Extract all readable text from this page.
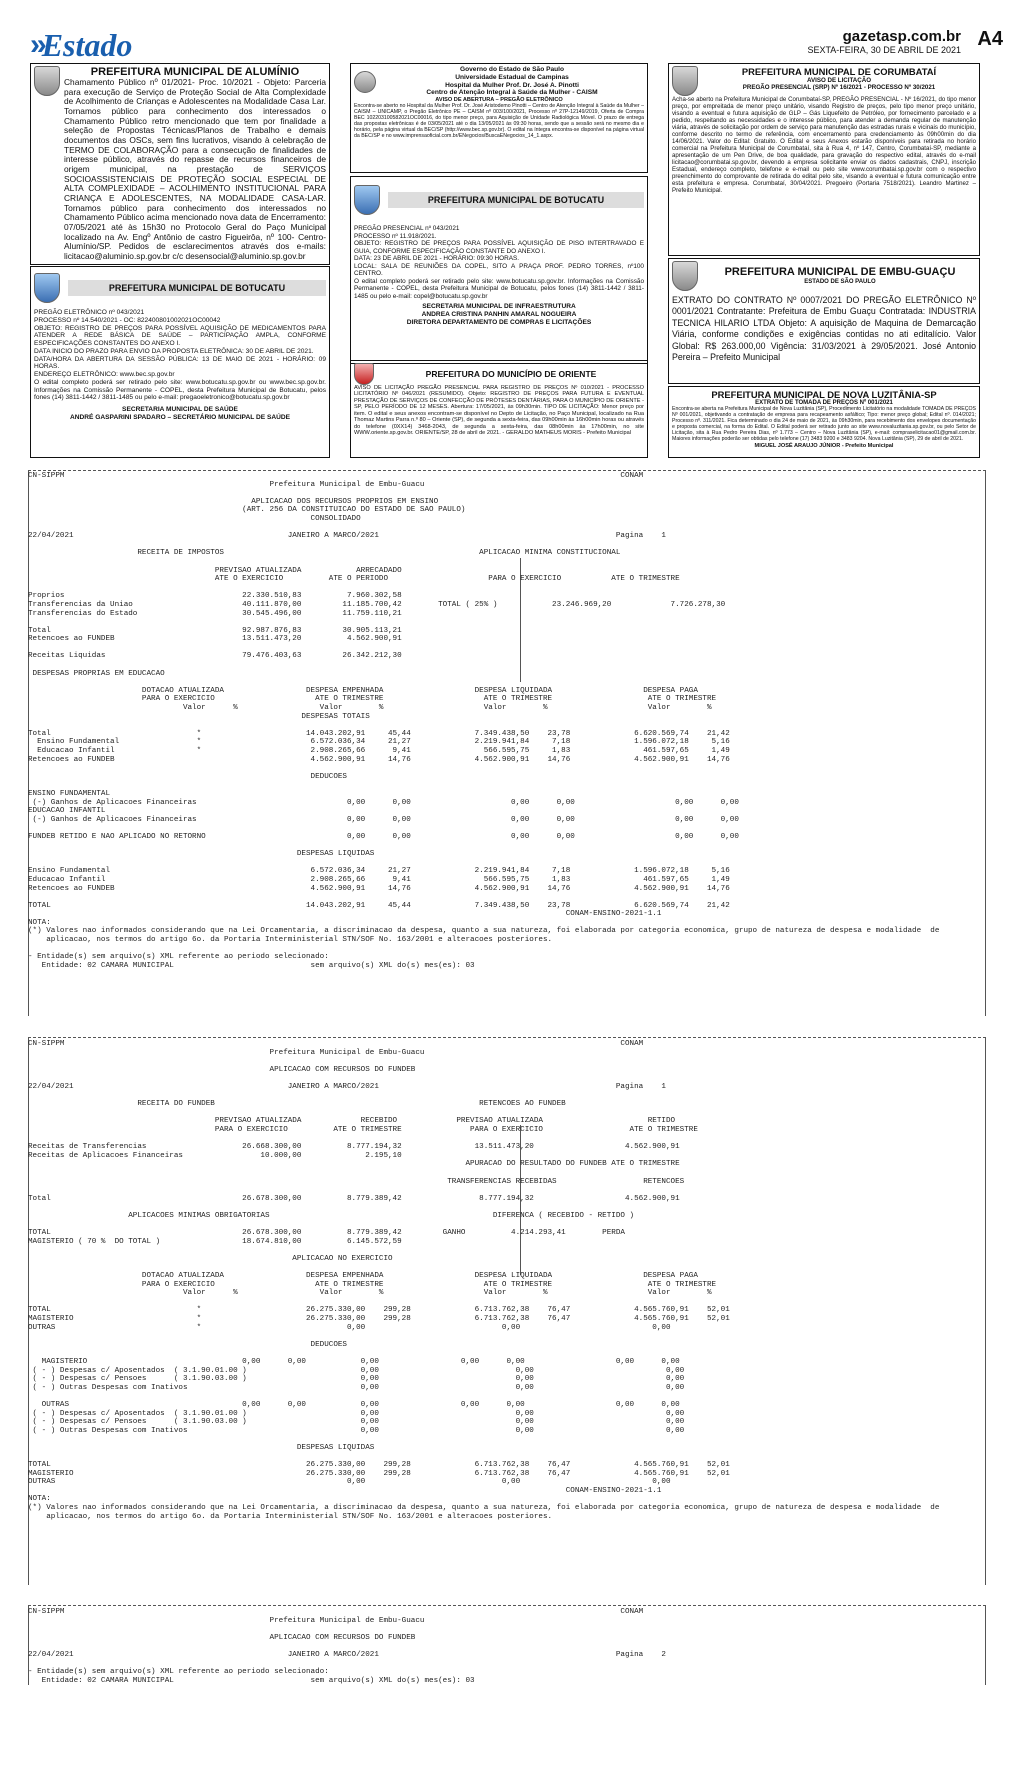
» Estado	gazetasp.com.br
SEXTA-FEIRA, 30 DE ABRIL DE 2021 A4
PREFEITURA MUNICIPAL DE ALUMÍNIO
Chamamento Público nº 01/2021- Proc. 10/2021 - Objeto: Parceria para execução de Serviço de Proteção Social de Alta Complexidade de Acolhimento de Crianças e Adolescentes na Modalidade Casa Lar. Tornamos público para conhecimento dos interessados o Chamamento Público retro mencionado que tem por finalidade a seleção de Propostas Técnicas/Planos de Trabalho e demais documentos das OSCs, sem fins lucrativos, visando à celebração de TERMO DE COLABORAÇÃO para a consecução de finalidades de interesse público, através do repasse de recursos financeiros de origem municipal, na prestação de SERVIÇOS SOCIOASSISTENCIAIS DE PROTEÇÃO SOCIAL ESPECIAL DE ALTA COMPLEXIDADE – ACOLHIMENTO INSTITUCIONAL PARA CRIANÇA E ADOLESCENTES, NA MODALIDADE CASA-LAR. Tornamos público para conhecimento dos interessados no Chamamento Público acima mencionado nova data de Encerramento: 07/05/2021 até às 15h30 no Protocolo Geral do Paço Municipal localizado na Av. Engº Antônio de castro Figueirôa, nº 100- Centro- Alumínio/SP. Pedidos de esclarecimentos através dos e-mails: licitacao@aluminio.sp.gov.br c/c desensocial@aluminio.sp.gov.br
PREFEITURA MUNICIPAL DE BOTUCATU
PREGÃO ELETRÔNICO nº 043/2021
PROCESSO nº 14.540/2021 - OC: 822400801002021OC00042
OBJETO: REGISTRO DE PREÇOS PARA POSSÍVEL AQUISIÇÃO DE MEDICAMENTOS PARA ATENDER A REDE BÁSICA DE SAÚDE – PARTICIPAÇÃO AMPLA, CONFORME ESPECIFICAÇÕES CONSTANTES DO ANEXO I.
DATA INICIO DO PRAZO PARA ENVIO DA PROPOSTA ELETRÔNICA: 30 DE ABRIL DE 2021.
DATA/HORA DA ABERTURA DA SESSÃO PÚBLICA: 13 DE MAIO DE 2021 - HORÁRIO: 09 HORAS.
ENDEREÇO ELETRÔNICO: www.bec.sp.gov.br
O edital completo poderá ser retirado pelo site: www.botucatu.sp.gov.br ou www.bec.sp.gov.br. Informações na Comissão Permanente - COPEL, desta Prefeitura Municipal de Botucatu, pelos fones (14) 3811-1442 / 3811-1485 ou pelo e-mail: pregaoeletronico@botucatu.sp.gov.br
SECRETARIA MUNICIPAL DE SAÚDE
ANDRÉ GASPARINI SPADARO – SECRETÁRIO MUNICIPAL DE SAÚDE
Governo do Estado de São Paulo
Universidade Estadual de Campinas
Hospital da Mulher Prof. Dr. José A. Pinotti
Centro de Atenção Integral à Saúde da Mulher - CAISM
AVISO DE ABERTURA – PREGÃO ELETRÔNICO
Encontra-se aberto no Hospital da Mulher Prof. Dr. José Aristodemo Pinotti – Centro de Atenção Integral à Saúde da Mulher – CAISM – UNICAMP, o Pregão Eletrônico PE – CAISM nº 003/100/2021, Processo nº 27P-12149/2019, Oferta de Compra BEC 102203100582021OC00016, do tipo menor preço, para Aquisição de Unidade Radiológica Móvel. O prazo de entrega das propostas eletrônicas é de 03/05/2021 até o dia 13/05/2021 às 09:30 horas, sendo que a sessão será no mesmo dia e horário, pela página virtual da BEC/SP (http://www.bec.sp.gov.br). O edital na íntegra encontra-se disponível na página virtual da BEC/SP e no www.imprensaoficial.com.br/ENegocios/BuscaENegocios_14_1.aspx.
PREFEITURA MUNICIPAL DE BOTUCATU
PREGÃO PRESENCIAL nº 043/2021
PROCESSO nº 11.918/2021.
OBJETO: REGISTRO DE PREÇOS PARA POSSÍVEL AQUISIÇÃO DE PISO INTERTRAVADO E GUIA, CONFORME ESPECIFICAÇÃO CONSTANTE DO ANEXO I.
DATA: 23 DE ABRIL DE 2021 - HORÁRIO: 09:30 HORAS.
LOCAL: SALA DE REUNIÕES DA COPEL, SITO A PRAÇA PROF. PEDRO TORRES, nº100 CENTRO.
O edital completo poderá ser retirado pelo site: www.botucatu.sp.gov.br. Informações na Comissão Permanente - COPEL, desta Prefeitura Municipal de Botucatu, pelos fones (14) 3811-1442 / 3811-1485 ou pelo e-mail: copel@botucatu.sp.gov.br
SECRETARIA MUNICIPAL DE INFRAESTRUTURA
ANDREA CRISTINA PANHIN AMARAL NOGUEIRA
DIRETORA DEPARTAMENTO DE COMPRAS E LICITAÇÕES
PREFEITURA DO MUNICÍPIO DE ORIENTE
AVISO DE LICITAÇÃO PREGÃO PRESENCIAL PARA REGISTRO DE PREÇOS Nº 010/2021 - PROCESSO LICITATÓRIO Nº 046/2021 (RESUMIDO). Objeto: REGISTRO DE PREÇOS PARA FUTURA E EVENTUAL PRESTAÇÃO DE SERVIÇOS DE CONFECÇÃO DE PRÓTESES DENTÁRIAS, PARA O MUNICÍPIO DE ORIENTE - SP, PELO PERÍODO DE 12 MESES. Abertura: 17/05/2021, às 09h30min. TIPO DE LICITAÇÃO: Menor preço por item. O edital e seus anexos encontram-se disponível no Depto de Licitação, no Paço Municipal, localizado na Rua Thomaz Martins Parra n.º 80 – Oriente (SP), de segunda a sexta-feira, das 09h00min às 16h00min horas ou através do telefone (0XX14) 3468-2043, de segunda a sexta-feira, das 08h00min às 17h00min, no site WWW.oriente.sp.gov.br. ORIENTE/SP, 28 de abril de 2021. - GERALDO MATHEUS MORIS - Prefeito Municipal
PREFEITURA MUNICIPAL DE CORUMBATAÍ
AVISO DE LICITAÇÃO
PREGÃO PRESENCIAL (SRP) Nº 16/2021 - PROCESSO Nº 30/2021
Acha-se aberto na Prefeitura Municipal de Corumbataí-SP, PREGÃO PRESENCIAL - Nº 16/2021, do tipo menor preço, por empreitada de menor preço unitário, visando Registro de preços, pelo tipo menor preço unitário, visando a eventual e futura aquisição de GLP – Gás Liquefeito de Petróleo, por fornecimento parcelado e a pedido, respeitando as necessidades e o interesse público, para atender a demanda regular de manutenção viária, através de solicitação por ordem de serviço para manutenção das estradas rurais e vicinais do município, conforme descrito no termo de referência, com encerramento para credenciamento às 09h00min do dia 14/06/2021. Valor do Edital: Gratuito. O Edital e seus Anexos estarão disponíveis para retirada no horário comercial na Prefeitura Municipal de Corumbataí, sita à Rua 4, nº 147, Centro, Corumbataí-SP, mediante a apresentação de um Pen Drive, de boa qualidade, para gravação do respectivo edital, através do e-mail licitacao@corumbatai.sp.gov.br, devendo a empresa solicitante enviar os dados cadastrais, CNPJ, inscrição Estadual, endereço completo, telefone e e-mail ou pelo site www.corumbatai.sp.gov.br com o respectivo preenchimento do comprovante de retirada do edital pelo site, visando a eventual e futura comunicação entre esta prefeitura e empresa. Corumbataí, 30/04/2021. Pregoeiro (Portaria 7518/2021). Leandro Martinez – Prefeito Municipal.
PREFEITURA MUNICIPAL DE EMBU-GUAÇU
ESTADO DE SÃO PAULO
EXTRATO DO CONTRATO Nº 0007/2021 DO PREGÃO ELETRÔNICO Nº 0001/2021 Contratante: Prefeitura de Embu Guaçu Contratada: INDUSTRIA TECNICA HILARIO LTDA Objeto: A aquisição de Maquina de Demarcação Viária, conforme condições e exigências contidas no ati editalício. Valor Global: R$ 263.000,00 Vigência: 31/03/2021 à 29/05/2021. José Antonio Pereira – Prefeito Municipal
PREFEITURA MUNICIPAL DE NOVA LUZITÂNIA-SP
EXTRATO DE TOMADA DE PREÇOS Nº 001/2021
Encontra-se aberta na Prefeitura Municipal de Nova Luzitânia (SP), Procedimento Licitatório na modalidade TOMADA DE PREÇOS Nº 001/2021, objetivando a contratação de empresa para recapeamento asfáltico; Tipo: menor preço global; Edital nº. 014/2021; Processo nº. 311/2021. Fica determinado o dia 24 de maio de 2021, às 09h30min, para recebimento dos envelopes documentação e proposta comercial, na forma do Edital. O Edital poderá ser retirado junto ao site www.novaluzitania.sp.gov.br, ou pelo Setor de Licitação, sita à Rua Pedro Pereira Dias, nº 1.773 – Centro – Nova Luzitânia (SP), e-mail: compraselicitacao01@gmail.com.br. Maiores informações poderão ser obtidas pelo telefone (17) 3483 9200 e 3483 9204. Nova Luzitânia (SP), 29 de abril de 2021.
MIGUEL JOSÉ ARAUJO JÚNIOR - Prefeito Municipal
CN-SIPPM                                                                                                                          CONAM
Prefeitura Municipal de Embu-Guacu

APLICACAO DOS RECURSOS PROPRIOS EM ENSINO
(ART. 256 DA CONSTITUICAO DO ESTADO DE SAO PAULO)
CONSOLIDADO

22/04/2021                                               JANEIRO A MARCO/2021                                                    Pagina    1

RECEITA DE IMPOSTOS                                                        APLICACAO MINIMA CONSTITUCIONAL

PREVISAO ATUALIZADA            ARRECADADO
ATE O EXERCICIO          ATE O PERIODO                      PARA O EXERCICIO           ATE O TRIMESTRE

Proprios                                       22.330.510,83          7.960.302,58
Transferencias da Uniao                        40.111.870,00         11.185.700,42        TOTAL ( 25% )            23.246.969,20             7.726.278,30
Transferencias do Estado                       30.545.496,00         11.759.110,21

Total                                          92.987.876,83         30.905.113,21
Retencoes ao FUNDEB                            13.511.473,20          4.562.900,91

Receitas Liquidas                              79.476.403,63         26.342.212,30

DESPESAS PROPRIAS EM EDUCACAO

DOTACAO ATUALIZADA                  DESPESA EMPENHADA                    DESPESA LIQUIDADA                    DESPESA PAGA
PARA O EXERCICIO                      ATE O TRIMESTRE                      ATE O TRIMESTRE                     ATE O TRIMESTRE
Valor      %                  Valor        %                      Valor        %                      Valor        %
DESPESAS TOTAIS

Total                                *                       14.043.202,91     45,44              7.349.438,50    23,78              6.620.569,74    21,42
Ensino Fundamental                 *                        6.572.036,34     21,27              2.219.941,84     7,18              1.596.072,18     5,16
Educacao Infantil                  *                        2.908.265,66      9,41                566.595,75     1,83                461.597,65     1,49
Retencoes ao FUNDEB                                           4.562.900,91     14,76              4.562.900,91    14,76              4.562.900,91    14,76

DEDUCOES

ENSINO FUNDAMENTAL
(-) Ganhos de Aplicacoes Financeiras                                 0,00      0,00                      0,00      0,00                      0,00      0,00
EDUCACAO INFANTIL
(-) Ganhos de Aplicacoes Financeiras                                 0,00      0,00                      0,00      0,00                      0,00      0,00

FUNDEB RETIDO E NAO APLICADO NO RETORNO                               0,00      0,00                      0,00      0,00                      0,00      0,00

DESPESAS LIQUIDAS

Ensino Fundamental                                            6.572.036,34     21,27              2.219.941,84     7,18              1.596.072,18     5,16
Educacao Infantil                                             2.908.265,66      9,41                566.595,75     1,83                461.597,65     1,49
Retencoes ao FUNDEB                                           4.562.900,91     14,76              4.562.900,91    14,76              4.562.900,91    14,76

TOTAL                                                        14.043.202,91     45,44              7.349.438,50    23,78              6.620.569,74    21,42
CONAM-ENSINO-2021-1.1
NOTA:
(*) Valores nao informados considerando que na Lei Orcamentaria, a discriminacao da despesa, quanto a sua natureza, foi elaborada por categoria economica, grupo de natureza de despesa e modalidade  de
aplicacao, nos termos do artigo 6o. da Portaria Interministerial STN/SOF No. 163/2001 e alteracoes posteriores.

- Entidade(s) sem arquivo(s) XML referente ao periodo selecionado:
Entidade: 02 CAMARA MUNICIPAL                              sem arquivo(s) XML do(s) mes(es): 03
CN-SIPPM                                                                                                                          CONAM
Prefeitura Municipal de Embu-Guacu

APLICACAO COM RECURSOS DO FUNDEB

22/04/2021                                               JANEIRO A MARCO/2021                                                    Pagina    1

RECEITA DO FUNDEB                                                          RETENCOES AO FUNDEB

PREVISAO ATUALIZADA             RECEBIDO             PREVISAO ATUALIZADA                       RETIDO
PARA O EXERCICIO          ATE O TRIMESTRE               PARA O EXERCICIO                   ATE O TRIMESTRE

Receitas de Transferencias                     26.668.300,00          8.777.194,32                13.511.473,20                    4.562.900,91
Receitas de Aplicacoes Financeiras                 10.000,00              2.195,10
APURACAO DO RESULTADO DO FUNDEB ATE O TRIMESTRE

TRANSFERENCIAS RECEBIDAS                   RETENCOES

Total                                          26.678.300,00          8.779.389,42                 8.777.194,32                    4.562.900,91

APLICACOES MINIMAS OBRIGATORIAS                                                 DIFERENCA ( RECEBIDO - RETIDO )

TOTAL                                          26.678.300,00          8.779.389,42         GANHO          4.214.293,41        PERDA
MAGISTERIO ( 70 %  DO TOTAL )                  18.674.810,00          6.145.572,59

APLICACAO NO EXERCICIO

DOTACAO ATUALIZADA                  DESPESA EMPENHADA                    DESPESA LIQUIDADA                    DESPESA PAGA
PARA O EXERCICIO                      ATE O TRIMESTRE                      ATE O TRIMESTRE                     ATE O TRIMESTRE
Valor      %                  Valor        %                      Valor        %                      Valor        %

TOTAL                                *                       26.275.330,00    299,28              6.713.762,38    76,47              4.565.760,91    52,01
MAGISTERIO                           *                       26.275.330,00    299,28              6.713.762,38    76,47              4.565.760,91    52,01
OUTRAS                               *                                0,00                              0,00                             0,00

DEDUCOES

MAGISTERIO                                  0,00      0,00            0,00                  0,00      0,00                    0,00      0,00
( - ) Despesas c/ Aposentados  ( 3.1.90.01.00 )                         0,00                              0,00                             0,00
( - ) Despesas c/ Pensoes      ( 3.1.90.03.00 )                         0,00                              0,00                             0,00
( - ) Outras Despesas com Inativos                                      0,00                              0,00                             0,00

OUTRAS                                      0,00      0,00            0,00                  0,00      0,00                    0,00      0,00
( - ) Despesas c/ Aposentados  ( 3.1.90.01.00 )                         0,00                              0,00                             0,00
( - ) Despesas c/ Pensoes      ( 3.1.90.03.00 )                         0,00                              0,00                             0,00
( - ) Outras Despesas com Inativos                                      0,00                              0,00                             0,00

DESPESAS LIQUIDAS

TOTAL                                                        26.275.330,00    299,28              6.713.762,38    76,47              4.565.760,91    52,01
MAGISTERIO                                                   26.275.330,00    299,28              6.713.762,38    76,47              4.565.760,91    52,01
OUTRAS                                                                0,00                              0,00                             0,00
CONAM-ENSINO-2021-1.1
NOTA:
(*) Valores nao informados considerando que na Lei Orcamentaria, a discriminacao da despesa, quanto a sua natureza, foi elaborada por categoria economica, grupo de natureza de despesa e modalidade  de
aplicacao, nos termos do artigo 6o. da Portaria Interministerial STN/SOF No. 163/2001 e alteracoes posteriores.
CN-SIPPM                                                                                                                          CONAM
Prefeitura Municipal de Embu-Guacu

APLICACAO COM RECURSOS DO FUNDEB

22/04/2021                                               JANEIRO A MARCO/2021                                                    Pagina    2

- Entidade(s) sem arquivo(s) XML referente ao periodo selecionado:
Entidade: 02 CAMARA MUNICIPAL                              sem arquivo(s) XML do(s) mes(es): 03
